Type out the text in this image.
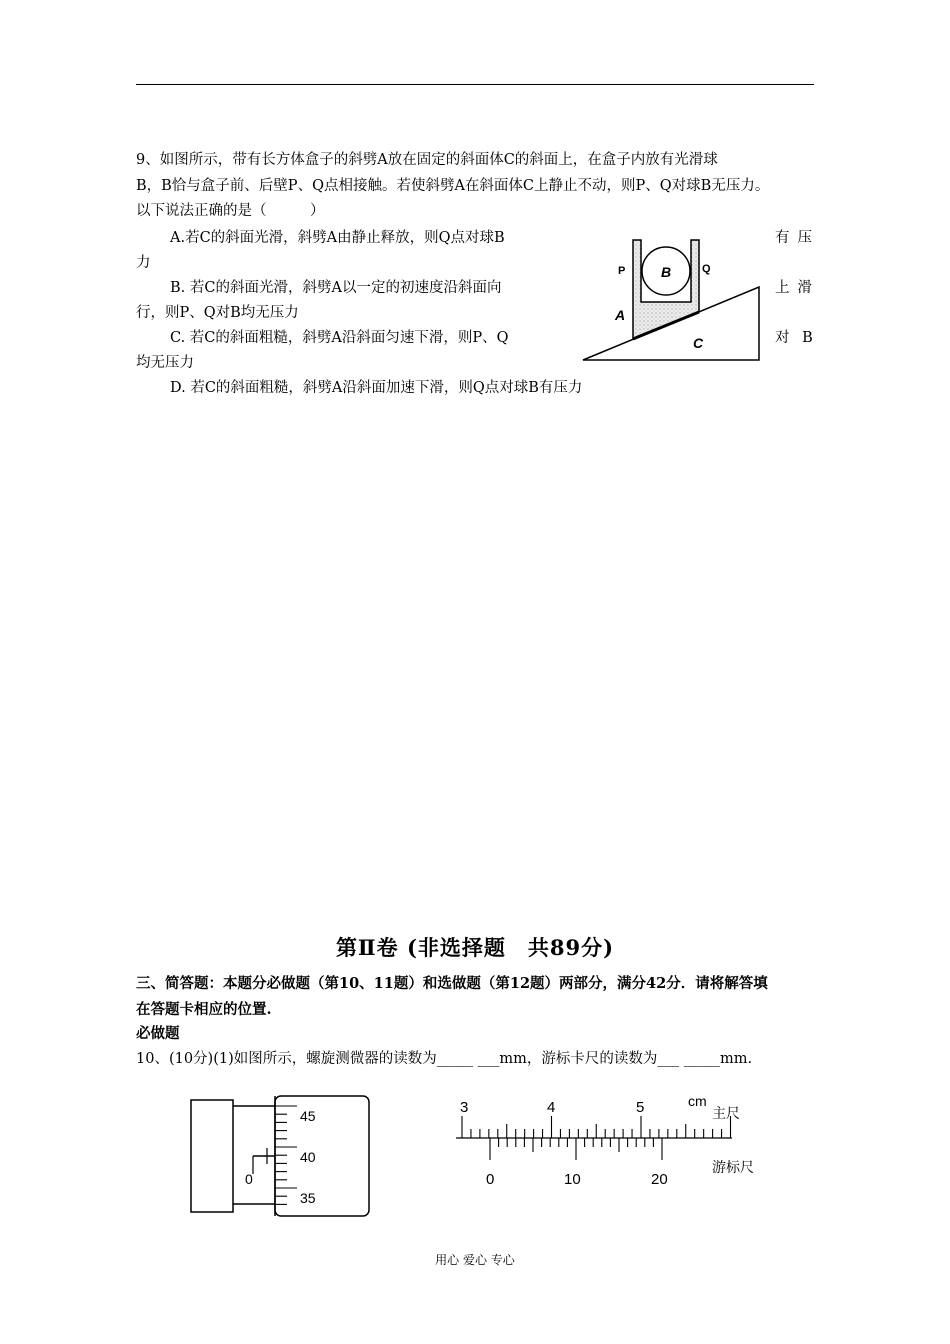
9、如图所示，带有长方体盒子的斜劈A放在固定的斜面体C的斜面上，在盒子内放有光滑球
B，B恰与盒子前、后壁P、Q点相接触。若使斜劈A在斜面体C上静止不动，则P、Q对球B无压力。
以下说法正确的是（　　　）
A.若C的斜面光滑，斜劈A由静止释放，则Q点对球B	有压
力
B. 若C的斜面光滑，斜劈A以一定的初速度沿斜面向	上滑
行，则P、Q对B均无压力
C. 若C的斜面粗糙，斜劈A沿斜面匀速下滑，则P、Q	对 B
均无压力
D. 若C的斜面粗糙，斜劈A沿斜面加速下滑，则Q点对球B有压力
B
P	Q
A
C
第Ⅱ卷 (非选择题　共89分)
三、简答题：本题分必做题（第10、11题）和选做题（第12题）两部分，满分42分．请将解答填
在答题卡相应的位置.
必做题
10、(10分)(1)如图所示，螺旋测微器的读数为_____ ___mm，游标卡尺的读数为___ _____mm.
45
40
35
0
3	4	5	cm
主尺
0	10	20
游标尺
用心 爱心 专心
